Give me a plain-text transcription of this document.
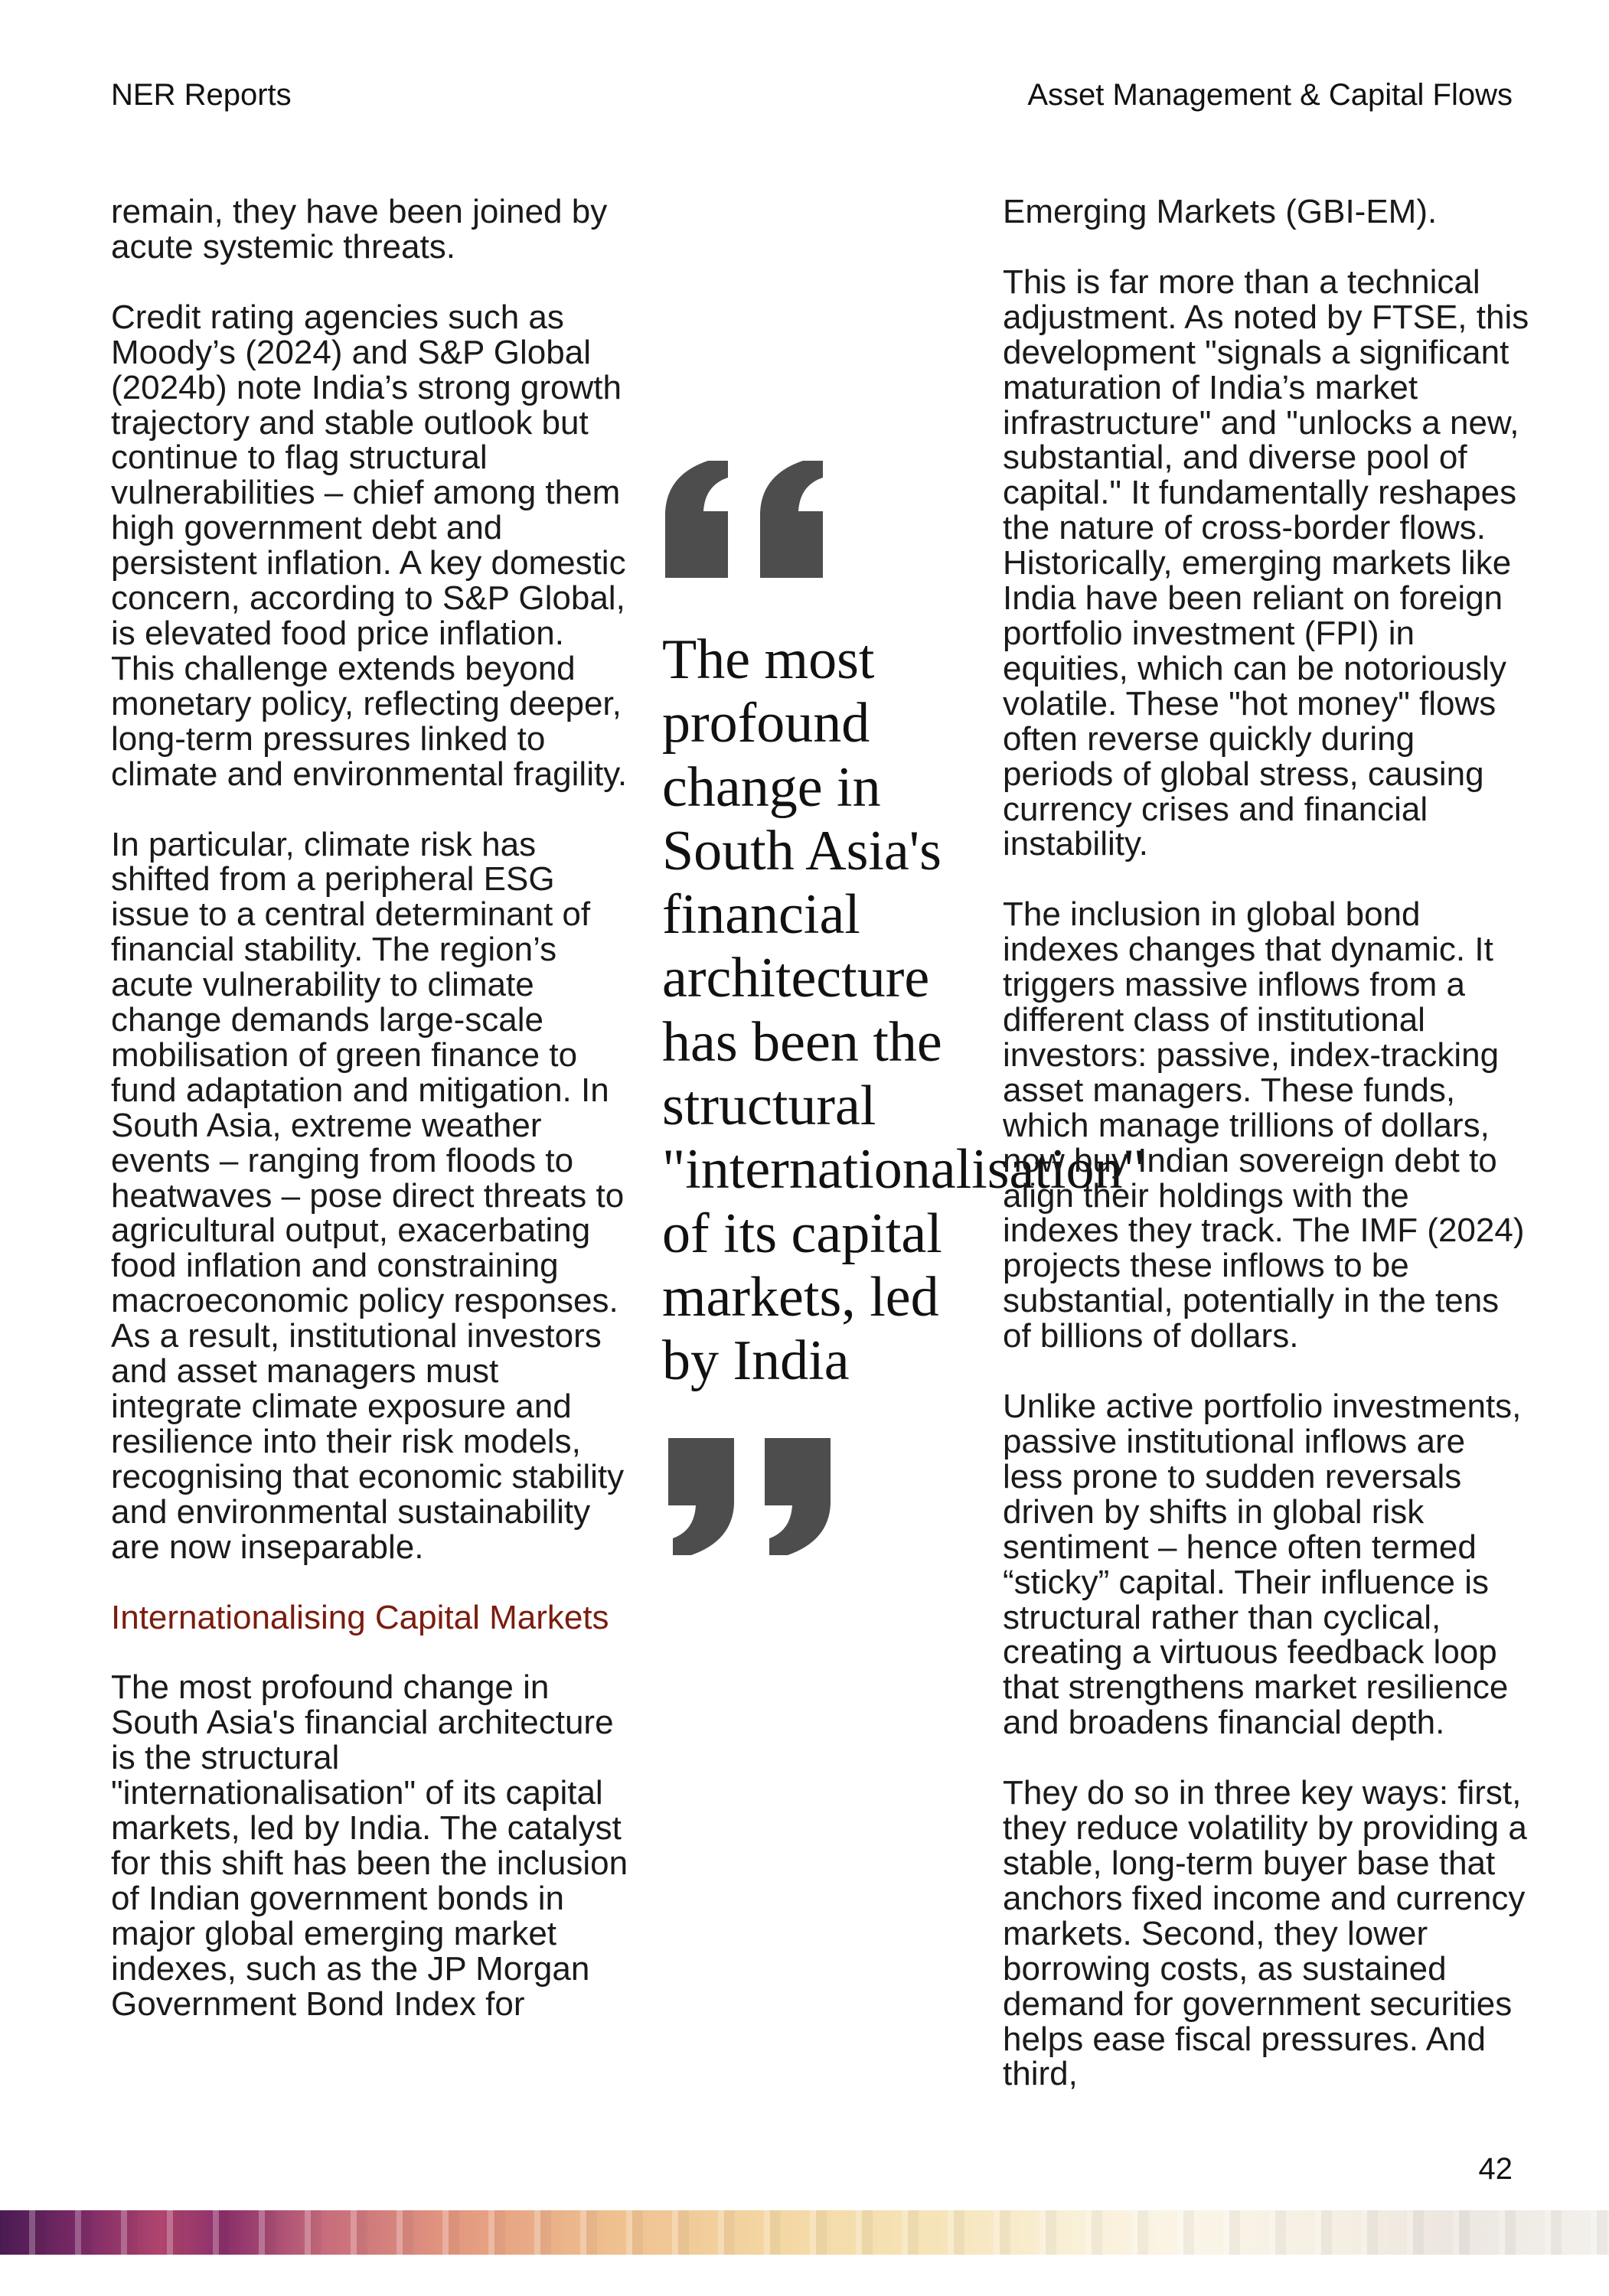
NER Reports	Asset Management & Capital Flows

remain, they have been joined by acute systemic threats.

Credit rating agencies such as Moody’s (2024) and S&P Global (2024b) note India’s strong growth trajectory and stable outlook but continue to flag structural vulnerabilities – chief among them high government debt and persistent inflation. A key domestic concern, according to S&P Global, is elevated food price inflation. This challenge extends beyond monetary policy, reflecting deeper, long-term pressures linked to climate and environmental fragility.

In particular, climate risk has shifted from a peripheral ESG issue to a central determinant of financial stability. The region’s acute vulnerability to climate change demands large-scale mobilisation of green finance to fund adaptation and mitigation. In South Asia, extreme weather events – ranging from floods to heatwaves – pose direct threats to agricultural output, exacerbating food inflation and constraining macroeconomic policy responses. As a result, institutional investors and asset managers must integrate climate exposure and resilience into their risk models, recognising that economic stability and environmental sustainability are now inseparable.

Internationalising Capital Markets

The most profound change in South Asia's financial architecture is the structural "internationalisation" of its capital markets, led by India. The catalyst for this shift has been the inclusion of Indian government bonds in major global emerging market indexes, such as the JP Morgan Government Bond Index for

The most profound change in South Asia's financial architecture has been the structural "internationalisation" of its capital markets, led by India

Emerging Markets (GBI-EM).

This is far more than a technical adjustment. As noted by FTSE, this development "signals a significant maturation of India’s market infrastructure" and "unlocks a new, substantial, and diverse pool of capital." It fundamentally reshapes the nature of cross-border flows. Historically, emerging markets like India have been reliant on foreign portfolio investment (FPI) in equities, which can be notoriously volatile. These "hot money" flows often reverse quickly during periods of global stress, causing currency crises and financial instability.

The inclusion in global bond indexes changes that dynamic. It triggers massive inflows from a different class of institutional investors: passive, index-tracking asset managers. These funds, which manage trillions of dollars, now buy Indian sovereign debt to align their holdings with the indexes they track. The IMF (2024) projects these inflows to be substantial, potentially in the tens of billions of dollars.

Unlike active portfolio investments, passive institutional inflows are less prone to sudden reversals driven by shifts in global risk sentiment – hence often termed “sticky” capital. Their influence is structural rather than cyclical, creating a virtuous feedback loop that strengthens market resilience and broadens financial depth.

They do so in three key ways: first, they reduce volatility by providing a stable, long-term buyer base that anchors fixed income and currency markets. Second, they lower borrowing costs, as sustained demand for government securities helps ease fiscal pressures. And third,

42
